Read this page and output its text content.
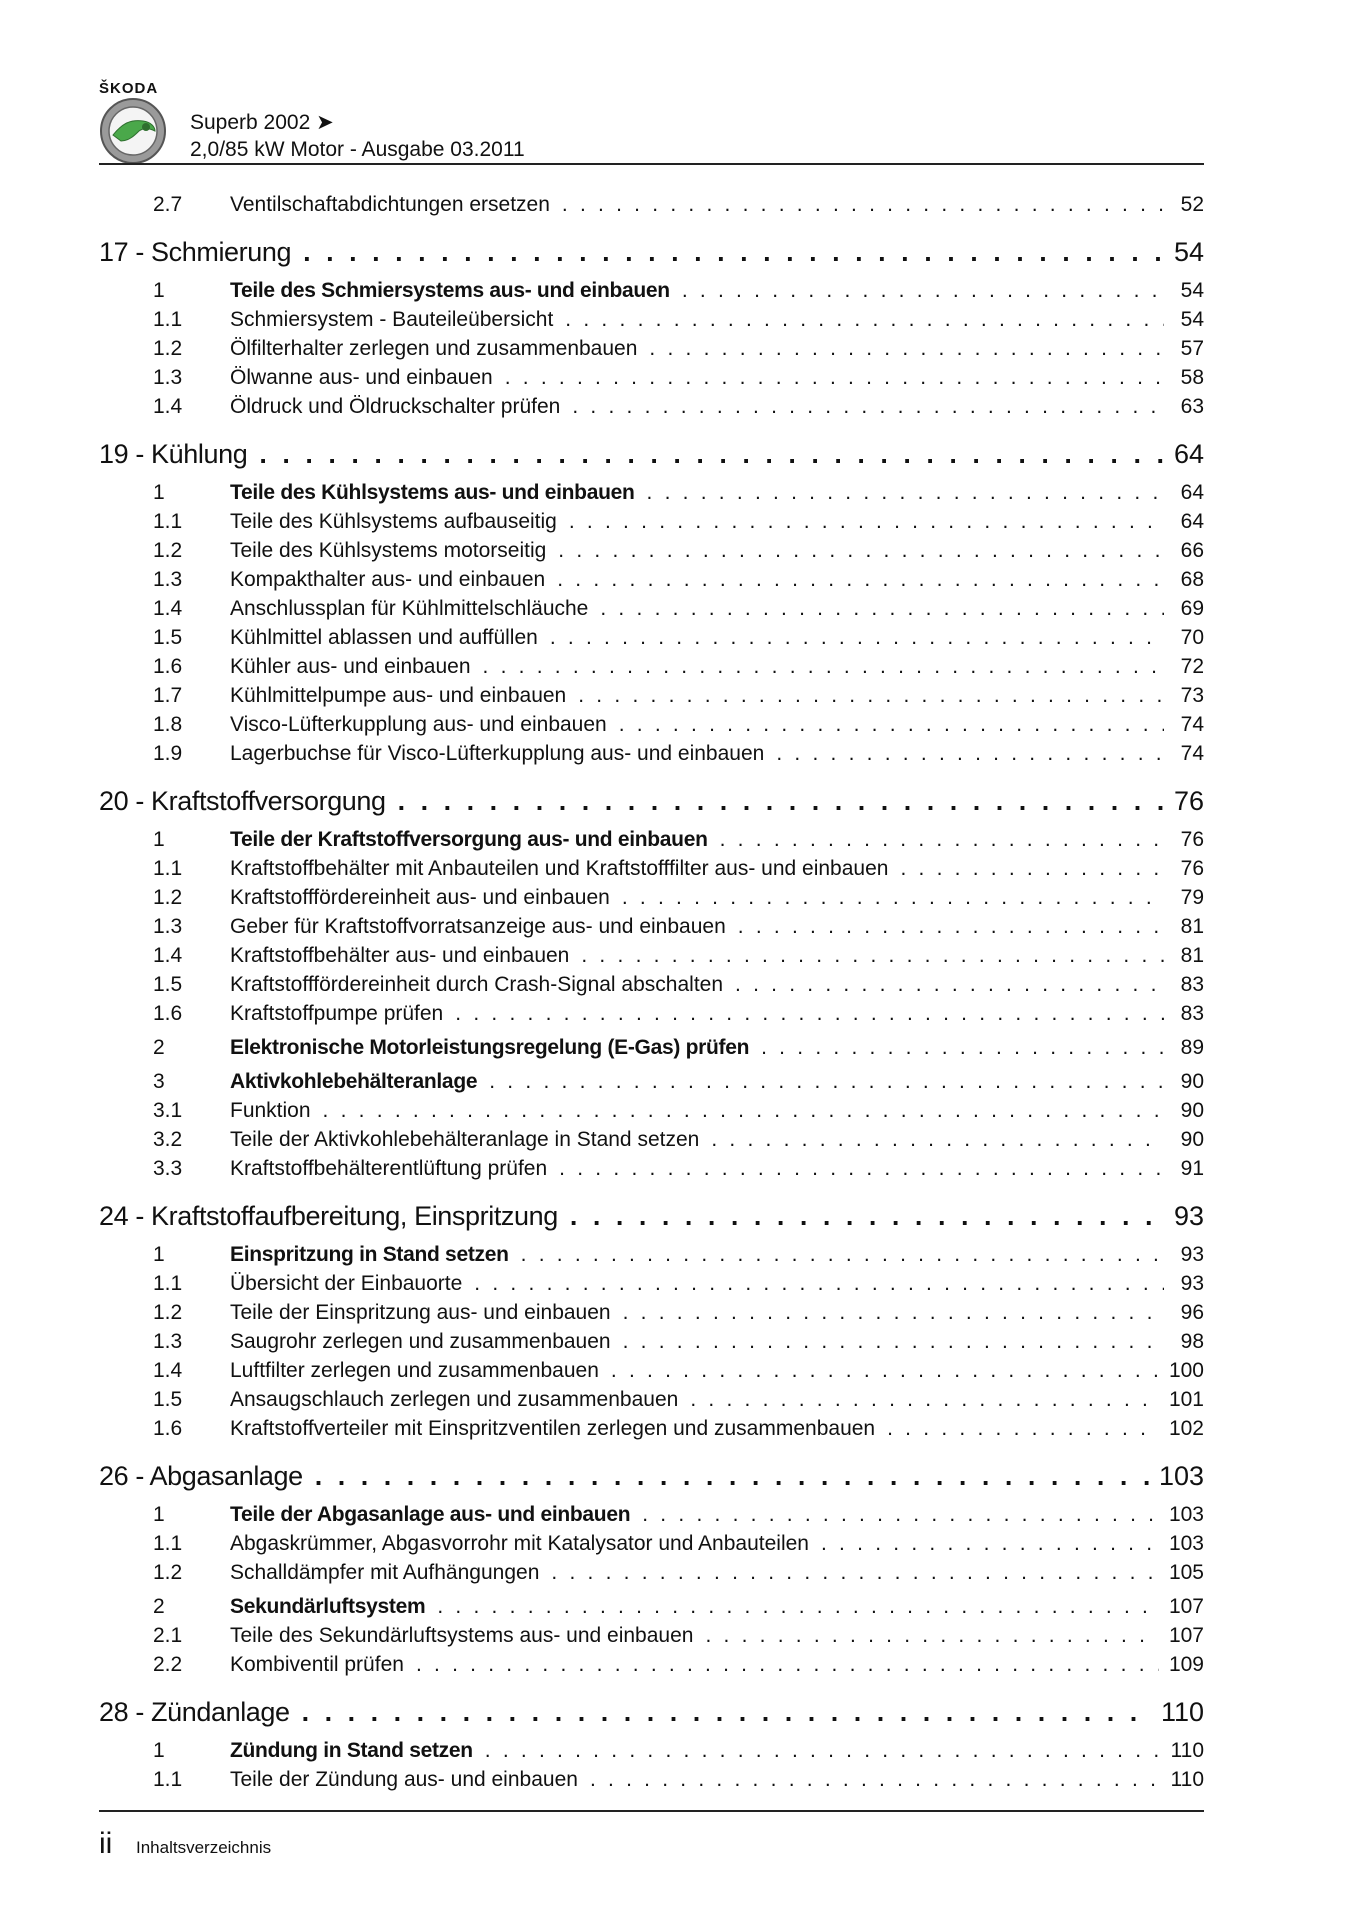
ŠKODA
Superb 2002 ➤
2,0/85 kW Motor - Ausgabe 03.2011
2.7	Ventilschaftabdichtungen ersetzen . . .	52
17 - Schmierung . . .	54
1	Teile des Schmiersystems aus- und einbauen . . .	54
1.1	Schmiersystem - Bauteileübersicht . . .	54
1.2	Ölfilterhalter zerlegen und zusammenbauen . . .	57
1.3	Ölwanne aus- und einbauen . . .	58
1.4	Öldruck und Öldruckschalter prüfen . . .	63
19 - Kühlung . . .	64
1	Teile des Kühlsystems aus- und einbauen . . .	64
1.1	Teile des Kühlsystems aufbauseitig . . .	64
1.2	Teile des Kühlsystems motorseitig . . .	66
1.3	Kompakthalter aus- und einbauen . . .	68
1.4	Anschlussplan für Kühlmittelschläuche . . .	69
1.5	Kühlmittel ablassen und auffüllen . . .	70
1.6	Kühler aus- und einbauen . . .	72
1.7	Kühlmittelpumpe aus- und einbauen . . .	73
1.8	Visco-Lüfterkupplung aus- und einbauen . . .	74
1.9	Lagerbuchse für Visco-Lüfterkupplung aus- und einbauen . . .	74
20 - Kraftstoffversorgung . . .	76
1	Teile der Kraftstoffversorgung aus- und einbauen . . .	76
1.1	Kraftstoffbehälter mit Anbauteilen und Kraftstofffilter aus- und einbauen . . .	76
1.2	Kraftstofffördereinheit aus- und einbauen . . .	79
1.3	Geber für Kraftstoffvorratsanzeige aus- und einbauen . . .	81
1.4	Kraftstoffbehälter aus- und einbauen . . .	81
1.5	Kraftstofffördereinheit durch Crash-Signal abschalten . . .	83
1.6	Kraftstoffpumpe prüfen . . .	83
2	Elektronische Motorleistungsregelung (E-Gas) prüfen . . .	89
3	Aktivkohlebehälteranlage . . .	90
3.1	Funktion . . .	90
3.2	Teile der Aktivkohlebehälteranlage in Stand setzen . . .	90
3.3	Kraftstoffbehälterentlüftung prüfen . . .	91
24 - Kraftstoffaufbereitung, Einspritzung . . .	93
1	Einspritzung in Stand setzen . . .	93
1.1	Übersicht der Einbauorte . . .	93
1.2	Teile der Einspritzung aus- und einbauen . . .	96
1.3	Saugrohr zerlegen und zusammenbauen . . .	98
1.4	Luftfilter zerlegen und zusammenbauen . . .	100
1.5	Ansaugschlauch zerlegen und zusammenbauen . . .	101
1.6	Kraftstoffverteiler mit Einspritzventilen zerlegen und zusammenbauen . . .	102
26 - Abgasanlage . . .	103
1	Teile der Abgasanlage aus- und einbauen . . .	103
1.1	Abgaskrümmer, Abgasvorrohr mit Katalysator und Anbauteilen . . .	103
1.2	Schalldämpfer mit Aufhängungen . . .	105
2	Sekundärluftsystem . . .	107
2.1	Teile des Sekundärluftsystems aus- und einbauen . . .	107
2.2	Kombiventil prüfen . . .	109
28 - Zündanlage . . .	110
1	Zündung in Stand setzen . . .	110
1.1	Teile der Zündung aus- und einbauen . . .	110
ii Inhaltsverzeichnis
